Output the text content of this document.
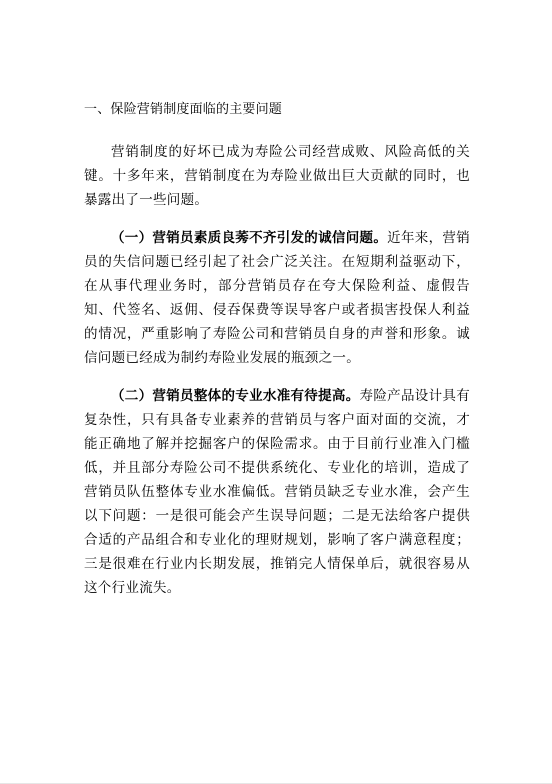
一、保险营销制度面临的主要问题

营销制度的好坏已成为寿险公司经营成败、风险高低的关键。十多年来，营销制度在为寿险业做出巨大贡献的同时，也暴露出了一些问题。

（一）营销员素质良莠不齐引发的诚信问题。近年来，营销员的失信问题已经引起了社会广泛关注。在短期利益驱动下，在从事代理业务时，部分营销员存在夸大保险利益、虚假告知、代签名、返佣、侵吞保费等误导客户或者损害投保人利益的情况，严重影响了寿险公司和营销员自身的声誉和形象。诚信问题已经成为制约寿险业发展的瓶颈之一。

（二）营销员整体的专业水准有待提高。寿险产品设计具有复杂性，只有具备专业素养的营销员与客户面对面的交流，才能正确地了解并挖掘客户的保险需求。由于目前行业准入门槛低，并且部分寿险公司不提供系统化、专业化的培训，造成了营销员队伍整体专业水准偏低。营销员缺乏专业水准，会产生以下问题：一是很可能会产生误导问题；二是无法给客户提供合适的产品组合和专业化的理财规划，影响了客户满意程度；三是很难在行业内长期发展，推销完人情保单后，就很容易从这个行业流失。
